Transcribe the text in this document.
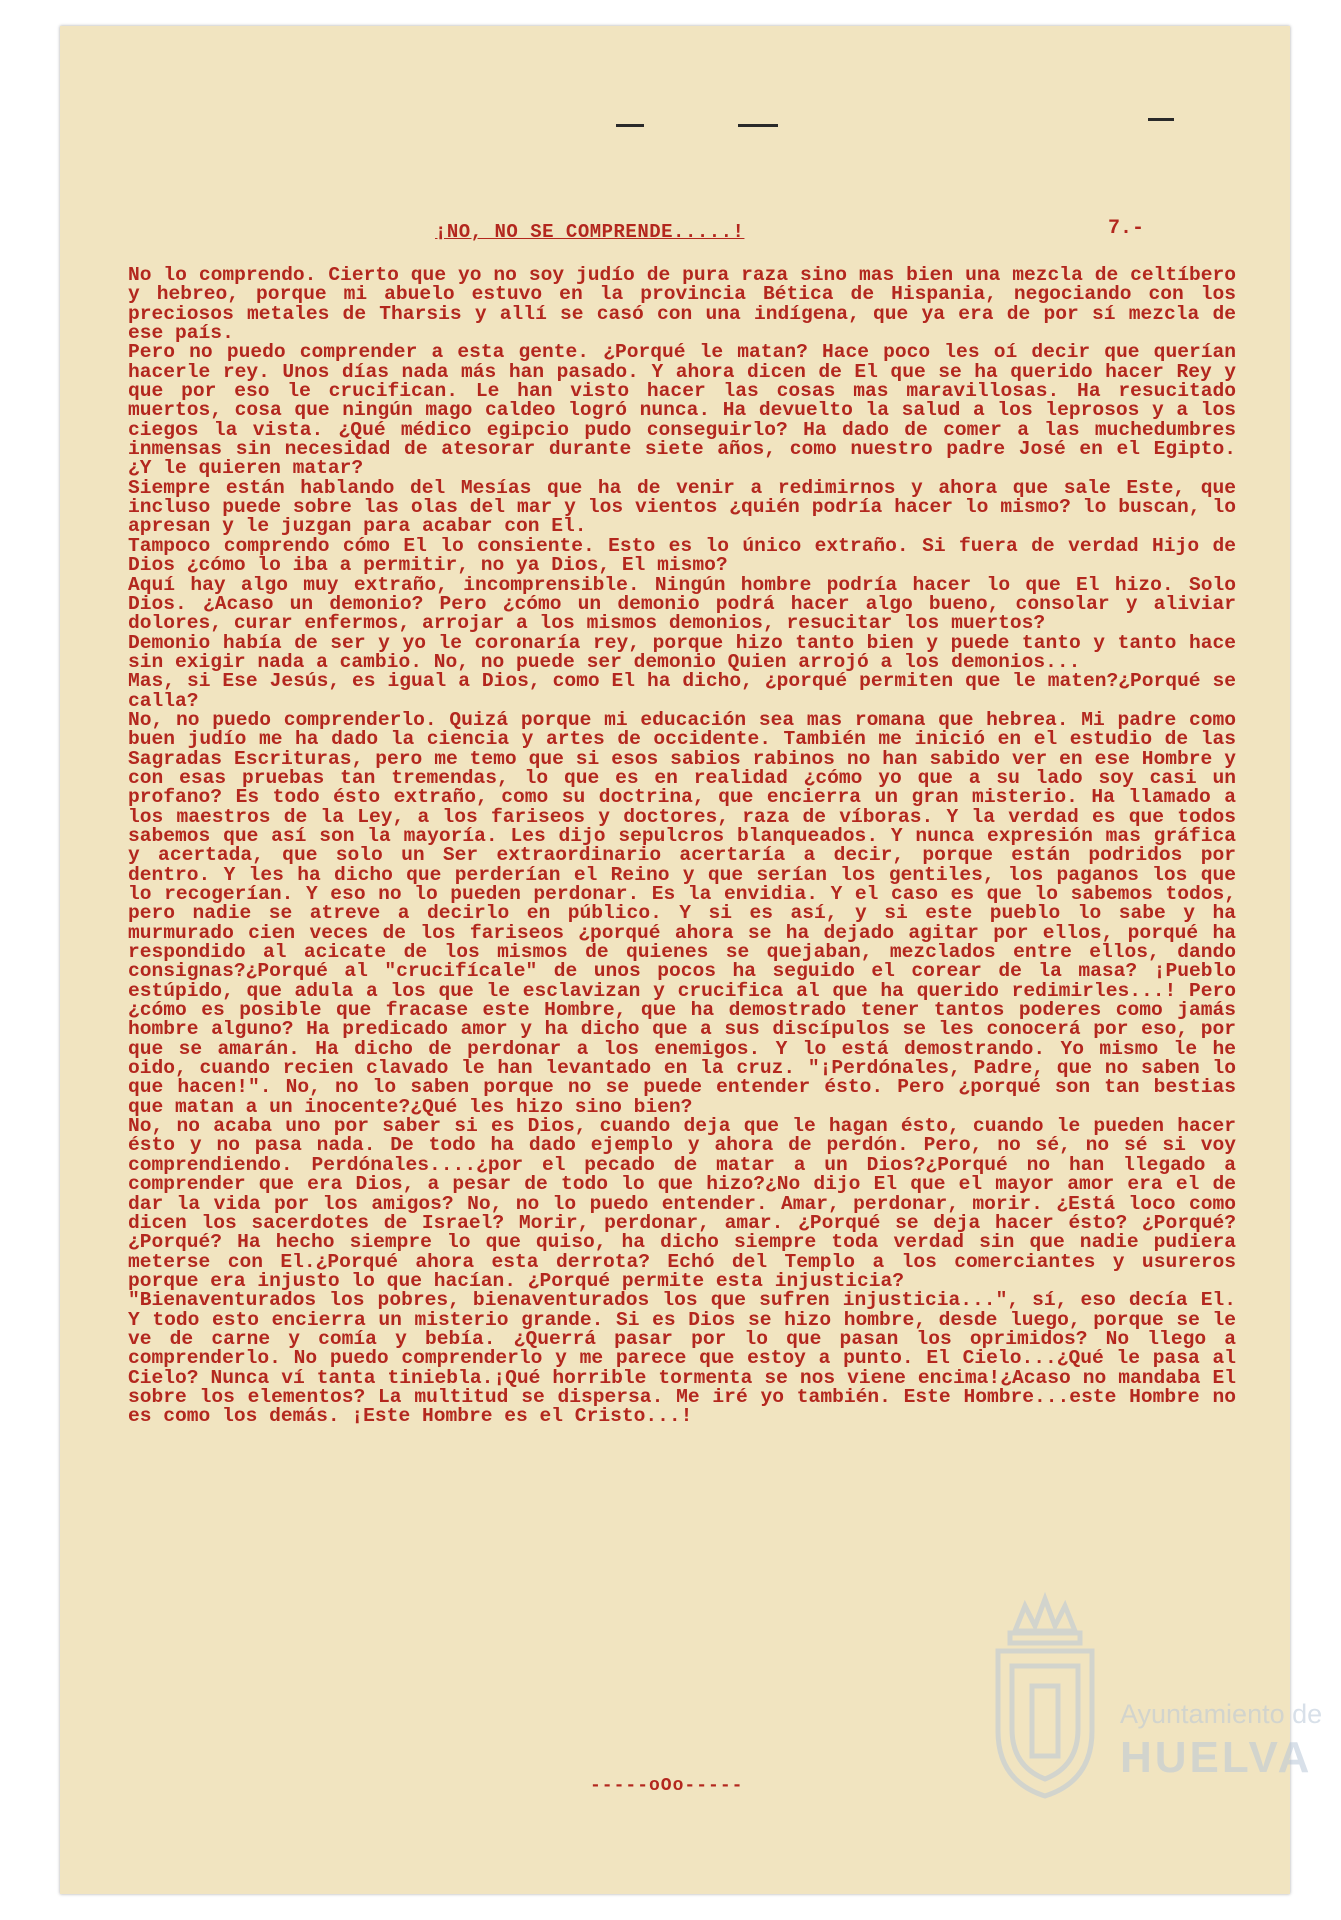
¡NO, NO SE COMPRENDE.....!	7.-

No lo comprendo. Cierto que yo no soy judío de pura raza sino mas bien una mezcla de celtíbero y hebreo, porque mi abuelo estuvo en la provincia Bética de Hispania, negociando con los preciosos metales de Tharsis y allí se casó con una indígena, que ya era de por sí mezcla de ese país.

Pero no puedo comprender a esta gente. ¿Porqué le matan? Hace poco les oí decir que querían hacerle rey. Unos días nada más han pasado. Y ahora dicen de El que se ha querido hacer Rey y que por eso le crucifican. Le han visto hacer las cosas mas maravillosas. Ha resucitado muertos, cosa que ningún mago caldeo logró nunca. Ha devuelto la salud a los leprosos y a los ciegos la vista. ¿Qué médico egipcio pudo conseguirlo? Ha dado de comer a las muchedumbres inmensas sin necesidad de atesorar durante siete años, como nuestro padre José en el Egipto. ¿Y le quieren matar?

Siempre están hablando del Mesías que ha de venir a redimirnos y ahora que sale Este, que incluso puede sobre las olas del mar y los vientos ¿quién podría hacer lo mismo? lo buscan, lo apresan y le juzgan para acabar con El.

Tampoco comprendo cómo El lo consiente. Esto es lo único extraño. Si fuera de verdad Hijo de Dios ¿cómo lo iba a permitir, no ya Dios, El mismo?

Aquí hay algo muy extraño, incomprensible. Ningún hombre podría hacer lo que El hizo. Solo Dios. ¿Acaso un demonio? Pero ¿cómo un demonio podrá hacer algo bueno, consolar y aliviar dolores, curar enfermos, arrojar a los mismos demonios, resucitar los muertos?

Demonio había de ser y yo le coronaría rey, porque hizo tanto bien y puede tanto y tanto hace sin exigir nada a cambio. No, no puede ser demonio Quien arrojó a los demonios...

Mas, si Ese Jesús, es igual a Dios, como El ha dicho, ¿porqué permiten que le maten?¿Porqué se calla?

No, no puedo comprenderlo. Quizá porque mi educación sea mas romana que hebrea. Mi padre como buen judío me ha dado la ciencia y artes de occidente. También me inició en el estudio de las Sagradas Escrituras, pero me temo que si esos sabios rabinos no han sabido ver en ese Hombre y con esas pruebas tan tremendas, lo que es en realidad ¿cómo yo que a su lado soy casi un profano? Es todo ésto extraño, como su doctrina, que encierra un gran misterio. Ha llamado a los maestros de la Ley, a los fariseos y doctores, raza de víboras. Y la verdad es que todos sabemos que así son la mayoría. Les dijo sepulcros blanqueados. Y nunca expresión mas gráfica y acertada, que solo un Ser extraordinario acertaría a decir, porque están podridos por dentro. Y les ha dicho que perderían el Reino y que serían los gentiles, los paganos los que lo recogerían. Y eso no lo pueden perdonar. Es la envidia. Y el caso es que lo sabemos todos, pero nadie se atreve a decirlo en público. Y si es así, y si este pueblo lo sabe y ha murmurado cien veces de los fariseos ¿porqué ahora se ha dejado agitar por ellos, porqué ha respondido al acicate de los mismos de quienes se quejaban, mezclados entre ellos, dando consignas?¿Porqué al "crucifícale" de unos pocos ha seguido el corear de la masa? ¡Pueblo estúpido, que adula a los que le esclavizan y crucifica al que ha querido redimirles...! Pero ¿cómo es posible que fracase este Hombre, que ha demostrado tener tantos poderes como jamás hombre alguno? Ha predicado amor y ha dicho que a sus discípulos se les conocerá por eso, por que se amarán. Ha dicho de perdonar a los enemigos. Y lo está demostrando. Yo mismo le he oido, cuando recien clavado le han levantado en la cruz. "¡Perdónales, Padre, que no saben lo que hacen!". No, no lo saben porque no se puede entender ésto. Pero ¿porqué son tan bestias que matan a un inocente?¿Qué les hizo sino bien?

No, no acaba uno por saber si es Dios, cuando deja que le hagan ésto, cuando le pueden hacer ésto y no pasa nada. De todo ha dado ejemplo y ahora de perdón. Pero, no sé, no sé si voy comprendiendo. Perdónales....¿por el pecado de matar a un Dios?¿Porqué no han llegado a comprender que era Dios, a pesar de todo lo que hizo?¿No dijo El que el mayor amor era el de dar la vida por los amigos? No, no lo puedo entender. Amar, perdonar, morir. ¿Está loco como dicen los sacerdotes de Israel? Morir, perdonar, amar. ¿Porqué se deja hacer ésto? ¿Porqué? ¿Porqué? Ha hecho siempre lo que quiso, ha dicho siempre toda verdad sin que nadie pudiera meterse con El.¿Porqué ahora esta derrota? Echó del Templo a los comerciantes y usureros porque era injusto lo que hacían. ¿Porqué permite esta injusticia?

"Bienaventurados los pobres, bienaventurados los que sufren injusticia...", sí, eso decía El. Y todo esto encierra un misterio grande. Si es Dios se hizo hombre, desde luego, porque se le ve de carne y comía y bebía. ¿Querrá pasar por lo que pasan los oprimidos? No llego a comprenderlo. No puedo comprenderlo y me parece que estoy a punto. El Cielo...¿Qué le pasa al Cielo? Nunca ví tanta tiniebla.¡Qué horrible tormenta se nos viene encima!¿Acaso no mandaba El sobre los elementos? La multitud se dispersa. Me iré yo también. Este Hombre...este Hombre no es como los demás. ¡Este Hombre es el Cristo...!

-----oOo-----
Ayuntamiento de
HUELVA
